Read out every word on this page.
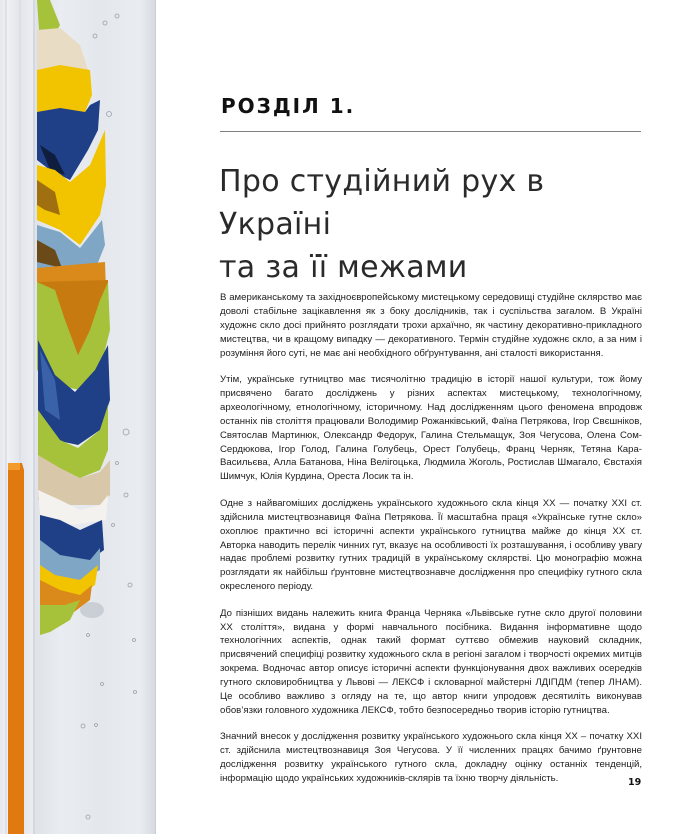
РОЗДІЛ 1.
Про студійний рух в Україні
та за її межами

В американському та західноєвропейському мистецькому середовищі студійне склярство має доволі стабільне зацікавлення як з боку дослідників, так і суспільства загалом. В Україні художнє скло досі прийнято розглядати трохи архаїчно, як частину декоративно-прикладного мистецтва, чи в кращому випадку — декоративного. Термін студійне художнє скло, а за ним і розуміння його суті, не має ані необхідного обґрунтування, ані сталості використання.

Утім, українське гутництво має тисячолітню традицію в історії нашої культури, тож йому присвячено багато досліджень у різних аспектах мистецькому, технологічному, археологічному, етнологічному, історичному. Над дослідженням цього феномена впродовж останніх пів століття працювали Володимир Рожанківський, Фаїна Петрякова, Ігор Свєшніков, Святослав Мартинюк, Олександр Федорук, Галина Стельмащук, Зоя Чегусова, Олена Сом-Сердюкова, Ігор Голод, Галина Голубець, Орест Голубець, Франц Черняк, Тетяна Кара-Васильєва, Алла Батанова, Ніна Велігоцька, Людмила Жоголь, Ростислав Шмагало, Євстахія Шимчук, Юлія Курдина, Ореста Лосик та ін.

Одне з найвагоміших досліджень українського художнього скла кінця XX — початку XXI ст. здійснила мистецтвознавиця Фаїна Петрякова. Її масштабна праця «Українське гутне скло» охоплює практично всі історичні аспекти українського гутництва майже до кінця XX ст. Авторка наводить перелік чинних гут, вказує на особливості їх розташування, і особливу увагу надає проблемі розвитку гутних традицій в українському склярстві. Цю монографію можна розглядати як найбільш ґрунтовне мистецтвознавче дослідження про специфіку гутного скла окресленого періоду.

До пізніших видань належить книга Франца Черняка «Львівське гутне скло другої половини XX століття», видана у формі навчального посібника. Видання інформативне щодо технологічних аспектів, однак такий формат суттєво обмежив науковий складник, присвячений специфіці розвитку художнього скла в регіоні загалом і творчості окремих митців зокрема. Водночас автор описує історичні аспекти функціонування двох важливих осередків гутного скловиробництва у Львові — ЛЕКСФ і скловарної майстерні ЛДІПДМ (тепер ЛНАМ). Це особливо важливо з огляду на те, що автор книги упродовж десятиліть виконував обов’язки головного художника ЛЕКСФ, тобто безпосередньо творив історію гутництва.

Значний внесок у дослідження розвитку українського художнього скла кінця XX – початку XXI ст. здійснила мистецтвознавиця Зоя Чегусова. У її численних працях бачимо ґрунтовне дослідження розвитку українського гутного скла, докладну оцінку останніх тенденцій, інформацію щодо українських художників-склярів та їхню творчу діяльність.	19
